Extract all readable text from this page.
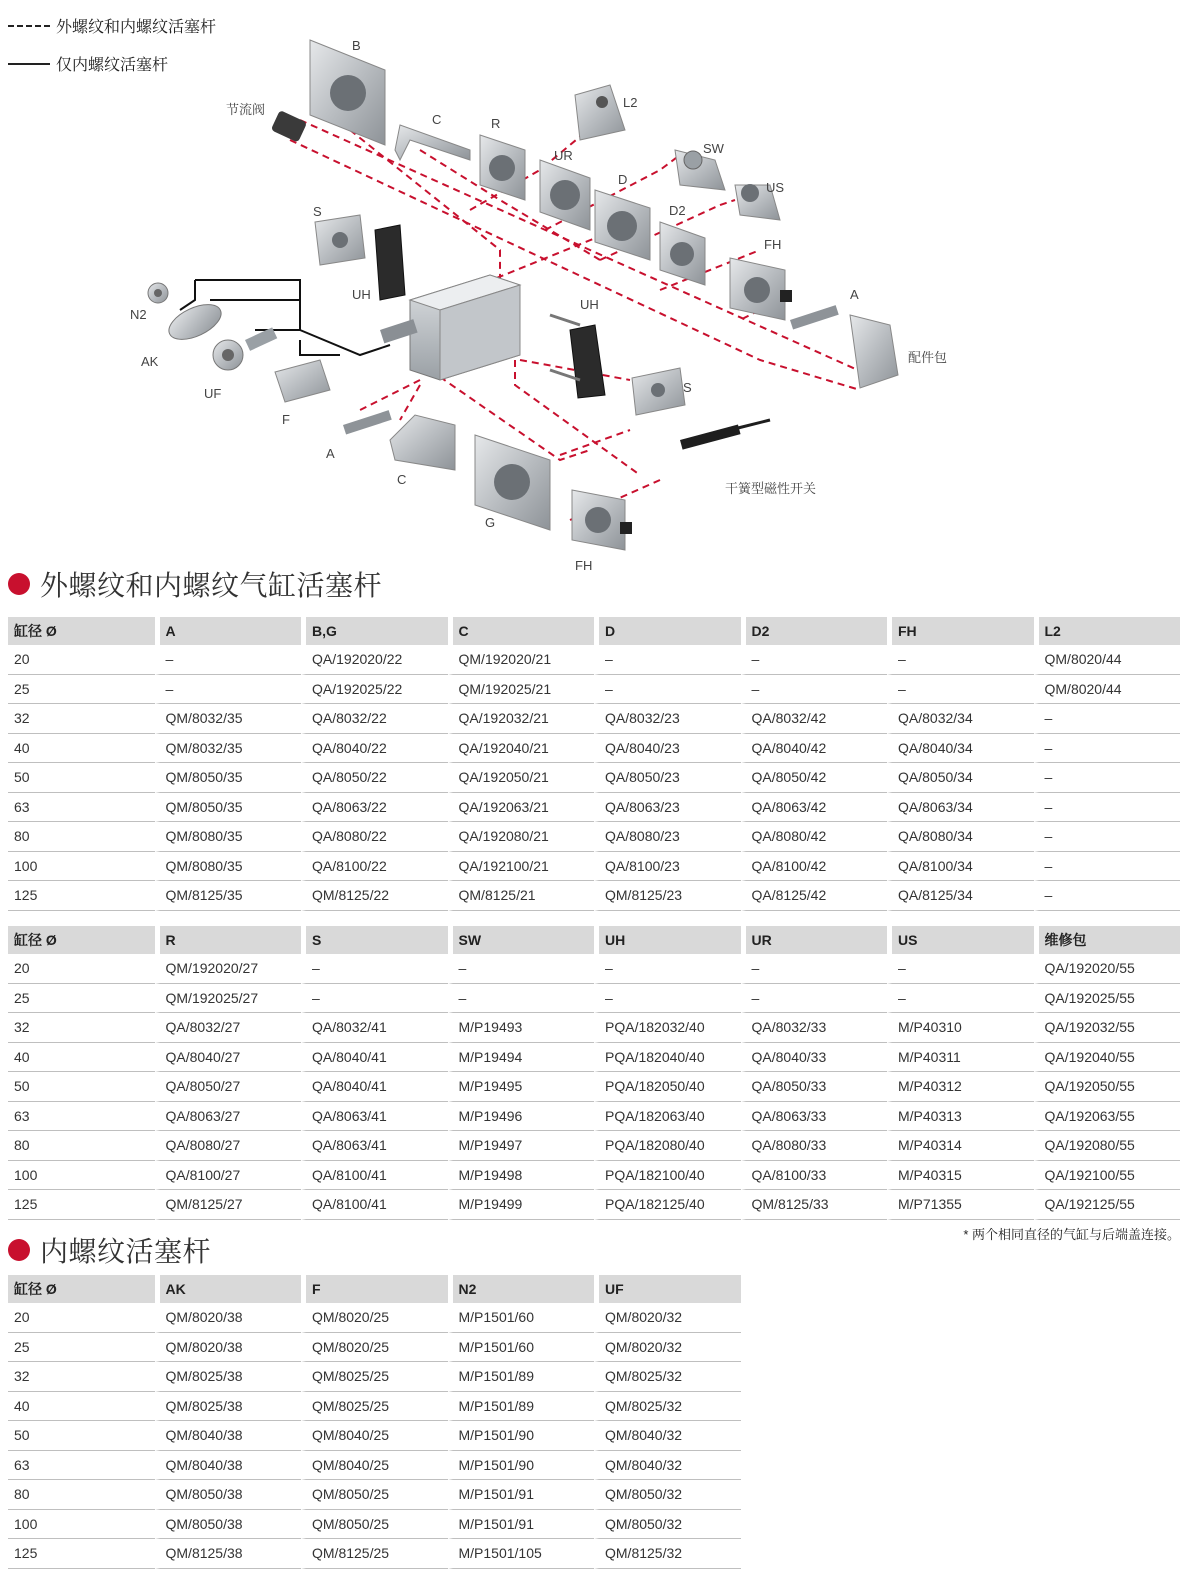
外螺纹和内螺纹活塞杆
仅内螺纹活塞杆
B
C	R
UR
L2
D
SW
US
D2
FH
A
配件包
节流阀
S
UH
UH
S
N2
AK
UF
F
A
C
G
FH
干簧型磁性开关
外螺纹和内螺纹气缸活塞杆
缸径 Ø	A	B,G	C	D	D2	FH	L2
20	–	QA/192020/22	QM/192020/21	–	–	–	QM/8020/44
25	–	QA/192025/22	QM/192025/21	–	–	–	QM/8020/44
32	QM/8032/35	QA/8032/22	QA/192032/21	QA/8032/23	QA/8032/42	QA/8032/34	–
40	QM/8032/35	QA/8040/22	QA/192040/21	QA/8040/23	QA/8040/42	QA/8040/34	–
50	QM/8050/35	QA/8050/22	QA/192050/21	QA/8050/23	QA/8050/42	QA/8050/34	–
63	QM/8050/35	QA/8063/22	QA/192063/21	QA/8063/23	QA/8063/42	QA/8063/34	–
80	QM/8080/35	QA/8080/22	QA/192080/21	QA/8080/23	QA/8080/42	QA/8080/34	–
100	QM/8080/35	QA/8100/22	QA/192100/21	QA/8100/23	QA/8100/42	QA/8100/34	–
125	QM/8125/35	QM/8125/22	QM/8125/21	QM/8125/23	QA/8125/42	QA/8125/34	–
缸径 Ø	R	S	SW	UH	UR	US	维修包
20	QM/192020/27	–	–	–	–	–	QA/192020/55
25	QM/192025/27	–	–	–	–	–	QA/192025/55
32	QA/8032/27	QA/8032/41	M/P19493	PQA/182032/40	QA/8032/33	M/P40310	QA/192032/55
40	QA/8040/27	QA/8040/41	M/P19494	PQA/182040/40	QA/8040/33	M/P40311	QA/192040/55
50	QA/8050/27	QA/8040/41	M/P19495	PQA/182050/40	QA/8050/33	M/P40312	QA/192050/55
63	QA/8063/27	QA/8063/41	M/P19496	PQA/182063/40	QA/8063/33	M/P40313	QA/192063/55
80	QA/8080/27	QA/8063/41	M/P19497	PQA/182080/40	QA/8080/33	M/P40314	QA/192080/55
100	QA/8100/27	QA/8100/41	M/P19498	PQA/182100/40	QA/8100/33	M/P40315	QA/192100/55
125	QM/8125/27	QA/8100/41	M/P19499	PQA/182125/40	QM/8125/33	M/P71355	QA/192125/55
* 两个相同直径的气缸与后端盖连接。
内螺纹活塞杆
缸径 Ø	AK	F	N2	UF
20	QM/8020/38	QM/8020/25	M/P1501/60	QM/8020/32
25	QM/8020/38	QM/8020/25	M/P1501/60	QM/8020/32
32	QM/8025/38	QM/8025/25	M/P1501/89	QM/8025/32
40	QM/8025/38	QM/8025/25	M/P1501/89	QM/8025/32
50	QM/8040/38	QM/8040/25	M/P1501/90	QM/8040/32
63	QM/8040/38	QM/8040/25	M/P1501/90	QM/8040/32
80	QM/8050/38	QM/8050/25	M/P1501/91	QM/8050/32
100	QM/8050/38	QM/8050/25	M/P1501/91	QM/8050/32
125	QM/8125/38	QM/8125/25	M/P1501/105	QM/8125/32
